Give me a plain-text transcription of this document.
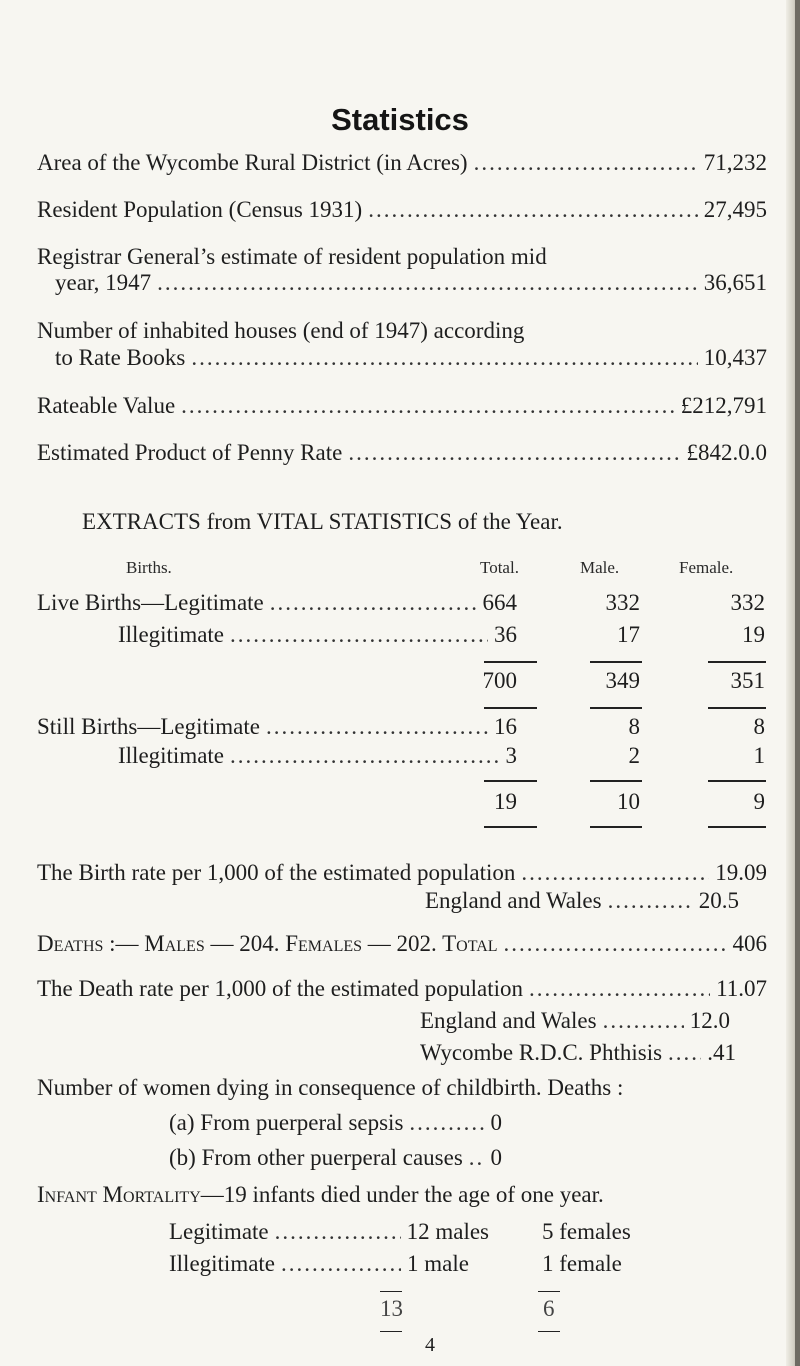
Statistics
Area of the Wycombe Rural District (in Acres) .....	71,232
Resident Population (Census 1931) .....	27,495
Registrar General’s estimate of resident population mid
year, 1947 .....	36,651
Number of inhabited houses (end of 1947) according
to Rate Books .....	10,437
Rateable Value .....	£212,791
Estimated Product of Penny Rate .....	£842.0.0
EXTRACTS from VITAL STATISTICS of the Year.
Births.	Total.	Male.	Female.
Live Births—Legitimate .....	664	332	332
Illegitimate .....	36	17	19
700	349	351
Still Births—Legitimate .....	16	8	8
Illegitimate .....	3	2	1
19	10	9
The Birth rate per 1,000 of the estimated population .....	19.09
England and Wales .....	20.5
Deaths :— Males — 204. Females — 202. Total .....	406
The Death rate per 1,000 of the estimated population .....	11.07
England and Wales .....	12.0
Wycombe R.D.C. Phthisis ..... .41
Number of women dying in consequence of childbirth. Deaths :
(a) From puerperal sepsis .....	0
(b) From other puerperal causes ..... 0
Infant Mortality—19 infants died under the age of one year.
Legitimate .....	12 males 5 females
Illegitimate .....	1 male	1 female
13	6
4
